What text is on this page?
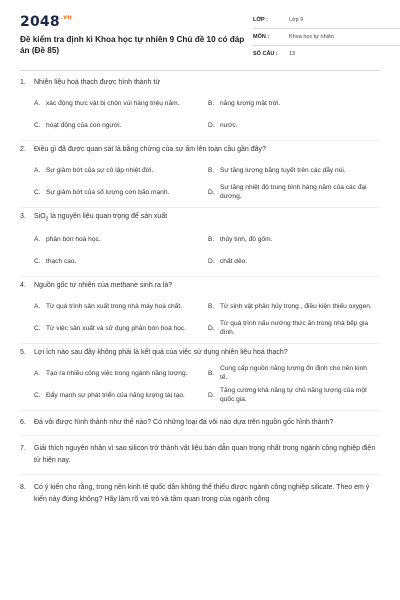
$2048^{.vn}$
Đề kiểm tra định kì Khoa học tự nhiên 9 Chủ đề 10 có đáp án (Đề 85)
LỚP :	Lớp 9
MÔN :	Khoa học tự nhiên
SỐ CÂU :	13
1.	Nhiên liệu hoá thạch được hình thành từ
A. xác động thực vật bị chôn vùi hàng triệu năm.	B. năng lượng mặt trời.
C. hoạt động của con người.	D. nước.
2.	Điều gì đã được quan sát là bằng chứng của sự ấm lên toàn cầu gần đây?
A. Sự giảm bớt của sự cô lập nhiệt đới.	B. Sự tăng lượng băng tuyết trên các dãy núi.
C. Sự giảm bớt của số lượng cơn bão mạnh.	D.
Sự tăng nhiệt độ trung bình hàng năm của các đại dương.
3.	SiO$_2$ là nguyên liệu quan trọng để sản xuất
A. phân bón hoá học.	B. thủy tinh, đồ gốm.
C. thạch cao.	D. chất dẻo.
4.	Nguồn gốc tự nhiên của methane sinh ra là?
A. Từ quá trình sản xuất trong nhà máy hoá chất.	B. Từ sinh vật phân hủy trong , điều kiện thiếu oxygen.
C. Từ việc sản xuất và sử dụng phân bón hoá học.	D.
Từ quá trình nấu nướng thức ăn trong nhà bếp gia đình.
5.	Lợi ích nào sau đây không phải là kết quả của việc sử dụng nhiên liệu hoá thạch?
A. Tạo ra nhiều công việc trong ngành năng lượng.	B.
Cung cấp nguồn năng lượng ổn định cho nền kinh tế.
C. Đẩy mạnh sự phát triển của năng lượng tái tạo.	D.
Tăng cường khả năng tự chủ năng lượng của một quốc gia.
6.	Đá vôi được hình thành như thế nào? Có những loại đá vôi nào dựa trên nguồn gốc hình thành?
7.	Giải thích nguyên nhân vì sao silicon trở thành vật liệu bán dẫn quan trọng nhất trong ngành công nghiệp điện tử hiện nay.
8.	Có ý kiến cho rằng, trong nền kinh tế quốc dân không thể thiếu được ngành công nghiệp silicate. Theo em ý kiến này đúng không? Hãy làm rõ vai trò và tầm quan trọng của ngành công
